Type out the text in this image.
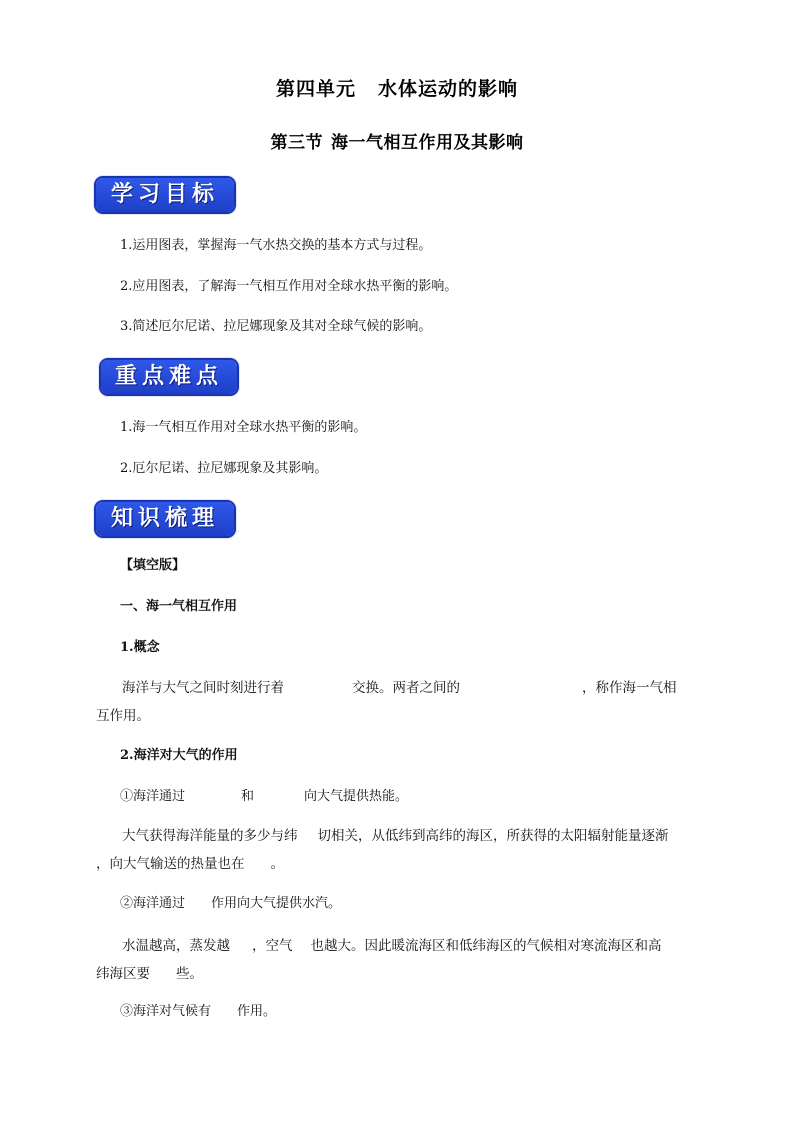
第四单元 水体运动的影响
第三节 海一气相互作用及其影响
学习目标
1.运用图表，掌握海一气水热交换的基本方式与过程。
2.应用图表，了解海一气相互作用对全球水热平衡的影响。
3.简述厄尔尼诺、拉尼娜现象及其对全球气候的影响。
重点难点
1.海一气相互作用对全球水热平衡的影响。
2.厄尔尼诺、拉尼娜现象及其影响。
知识梳理
【填空版】
一、海一气相互作用
1.概念
海洋与大气之间时刻进行着	交换。两者之间的	，称作海一气相
互作用。
2.海洋对大气的作用
①海洋通过	和	向大气提供热能。
大气获得海洋能量的多少与纬 切相关，从低纬到高纬的海区，所获得的太阳辐射能量逐渐
，向大气输送的热量也在 。
②海洋通过 作用向大气提供水汽。
水温越高，蒸发越 ，空气 也越大。因此暖流海区和低纬海区的气候相对寒流海区和高
纬海区要 些。
③海洋对气候有 作用。
